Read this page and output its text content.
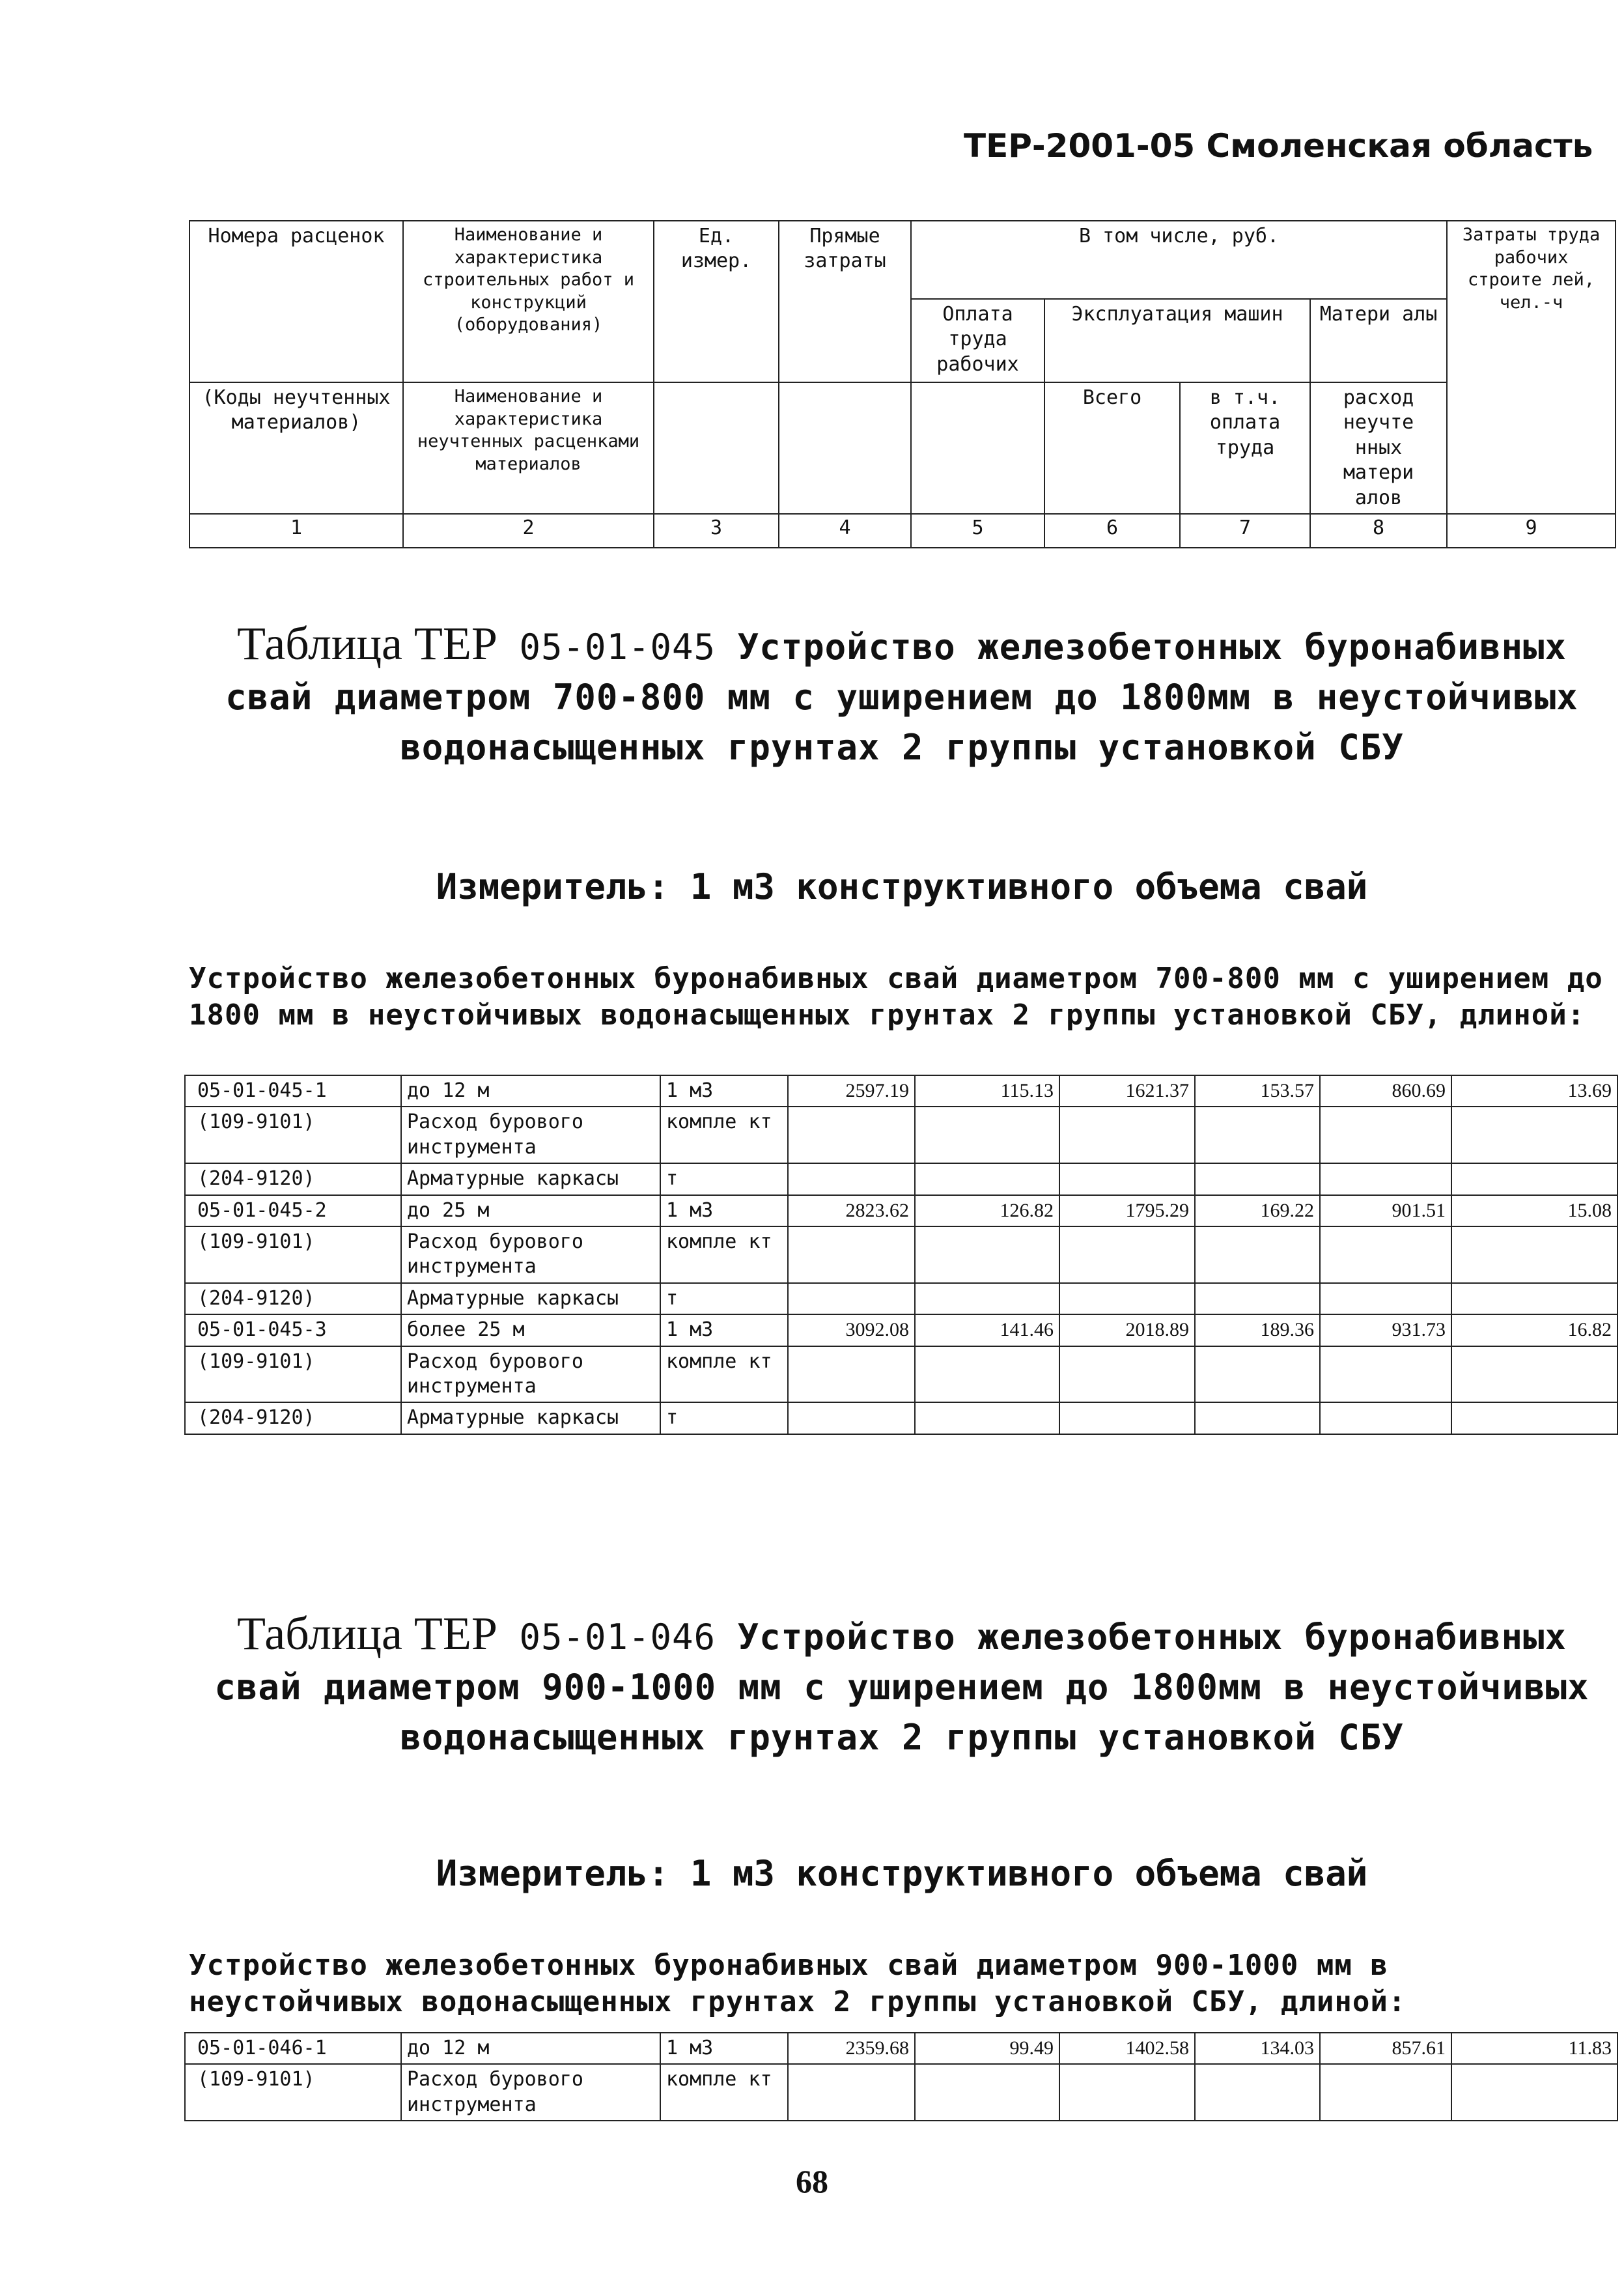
ТЕР-2001-05 Смоленская область
Номера расценок	Наименование и характеристика строительных работ и конструкций (оборудования)	Ед. измер.	Прямые затраты	В том числе, руб.				Затраты труда рабочих строите лей, чел.-ч
				Оплата труда рабочих	Эксплуатация машин		Матери алы	
(Коды неучтенных материалов)	Наименование и характеристика неучтенных расценками материалов				Всего	в т.ч. оплата труда	расход неучте нных матери алов	

1	2	3	4	5	6	7	8	9
Таблица ТЕР 05-01-045 Устройство железобетонных буронабивных свай диаметром 700-800 мм с уширением до 1800мм в неустойчивых водонасыщенных грунтах 2 группы установкой СБУ
Измеритель: 1 м3 конструктивного объема свай
Устройство железобетонных буронабивных свай диаметром 700-800 мм с уширением до 1800 мм в неустойчивых водонасыщенных грунтах 2 группы установкой СБУ, длиной:
05-01-045-1	до 12 м	1 м3	2597.19	115.13	1621.37	153.57	860.69	13.69
(109-9101)	Расход бурового инструмента	компле кт						
(204-9120)	Арматурные каркасы	т						
05-01-045-2	до 25 м	1 м3	2823.62	126.82	1795.29	169.22	901.51	15.08
(109-9101)	Расход бурового инструмента	компле кт						
(204-9120)	Арматурные каркасы	т						
05-01-045-3	более 25 м	1 м3	3092.08	141.46	2018.89	189.36	931.73	16.82
(109-9101)	Расход бурового инструмента	компле кт						
(204-9120)	Арматурные каркасы	т						
Таблица ТЕР 05-01-046 Устройство железобетонных буронабивных свай диаметром 900-1000 мм с уширением до 1800мм в неустойчивых водонасыщенных грунтах 2 группы установкой СБУ
Измеритель: 1 м3 конструктивного объема свай
Устройство железобетонных буронабивных свай диаметром 900-1000 мм в неустойчивых водонасыщенных грунтах 2 группы установкой СБУ, длиной:
05-01-046-1	до 12 м	1 м3	2359.68	99.49	1402.58	134.03	857.61	11.83
(109-9101)	Расход бурового инструмента	компле кт						
68
